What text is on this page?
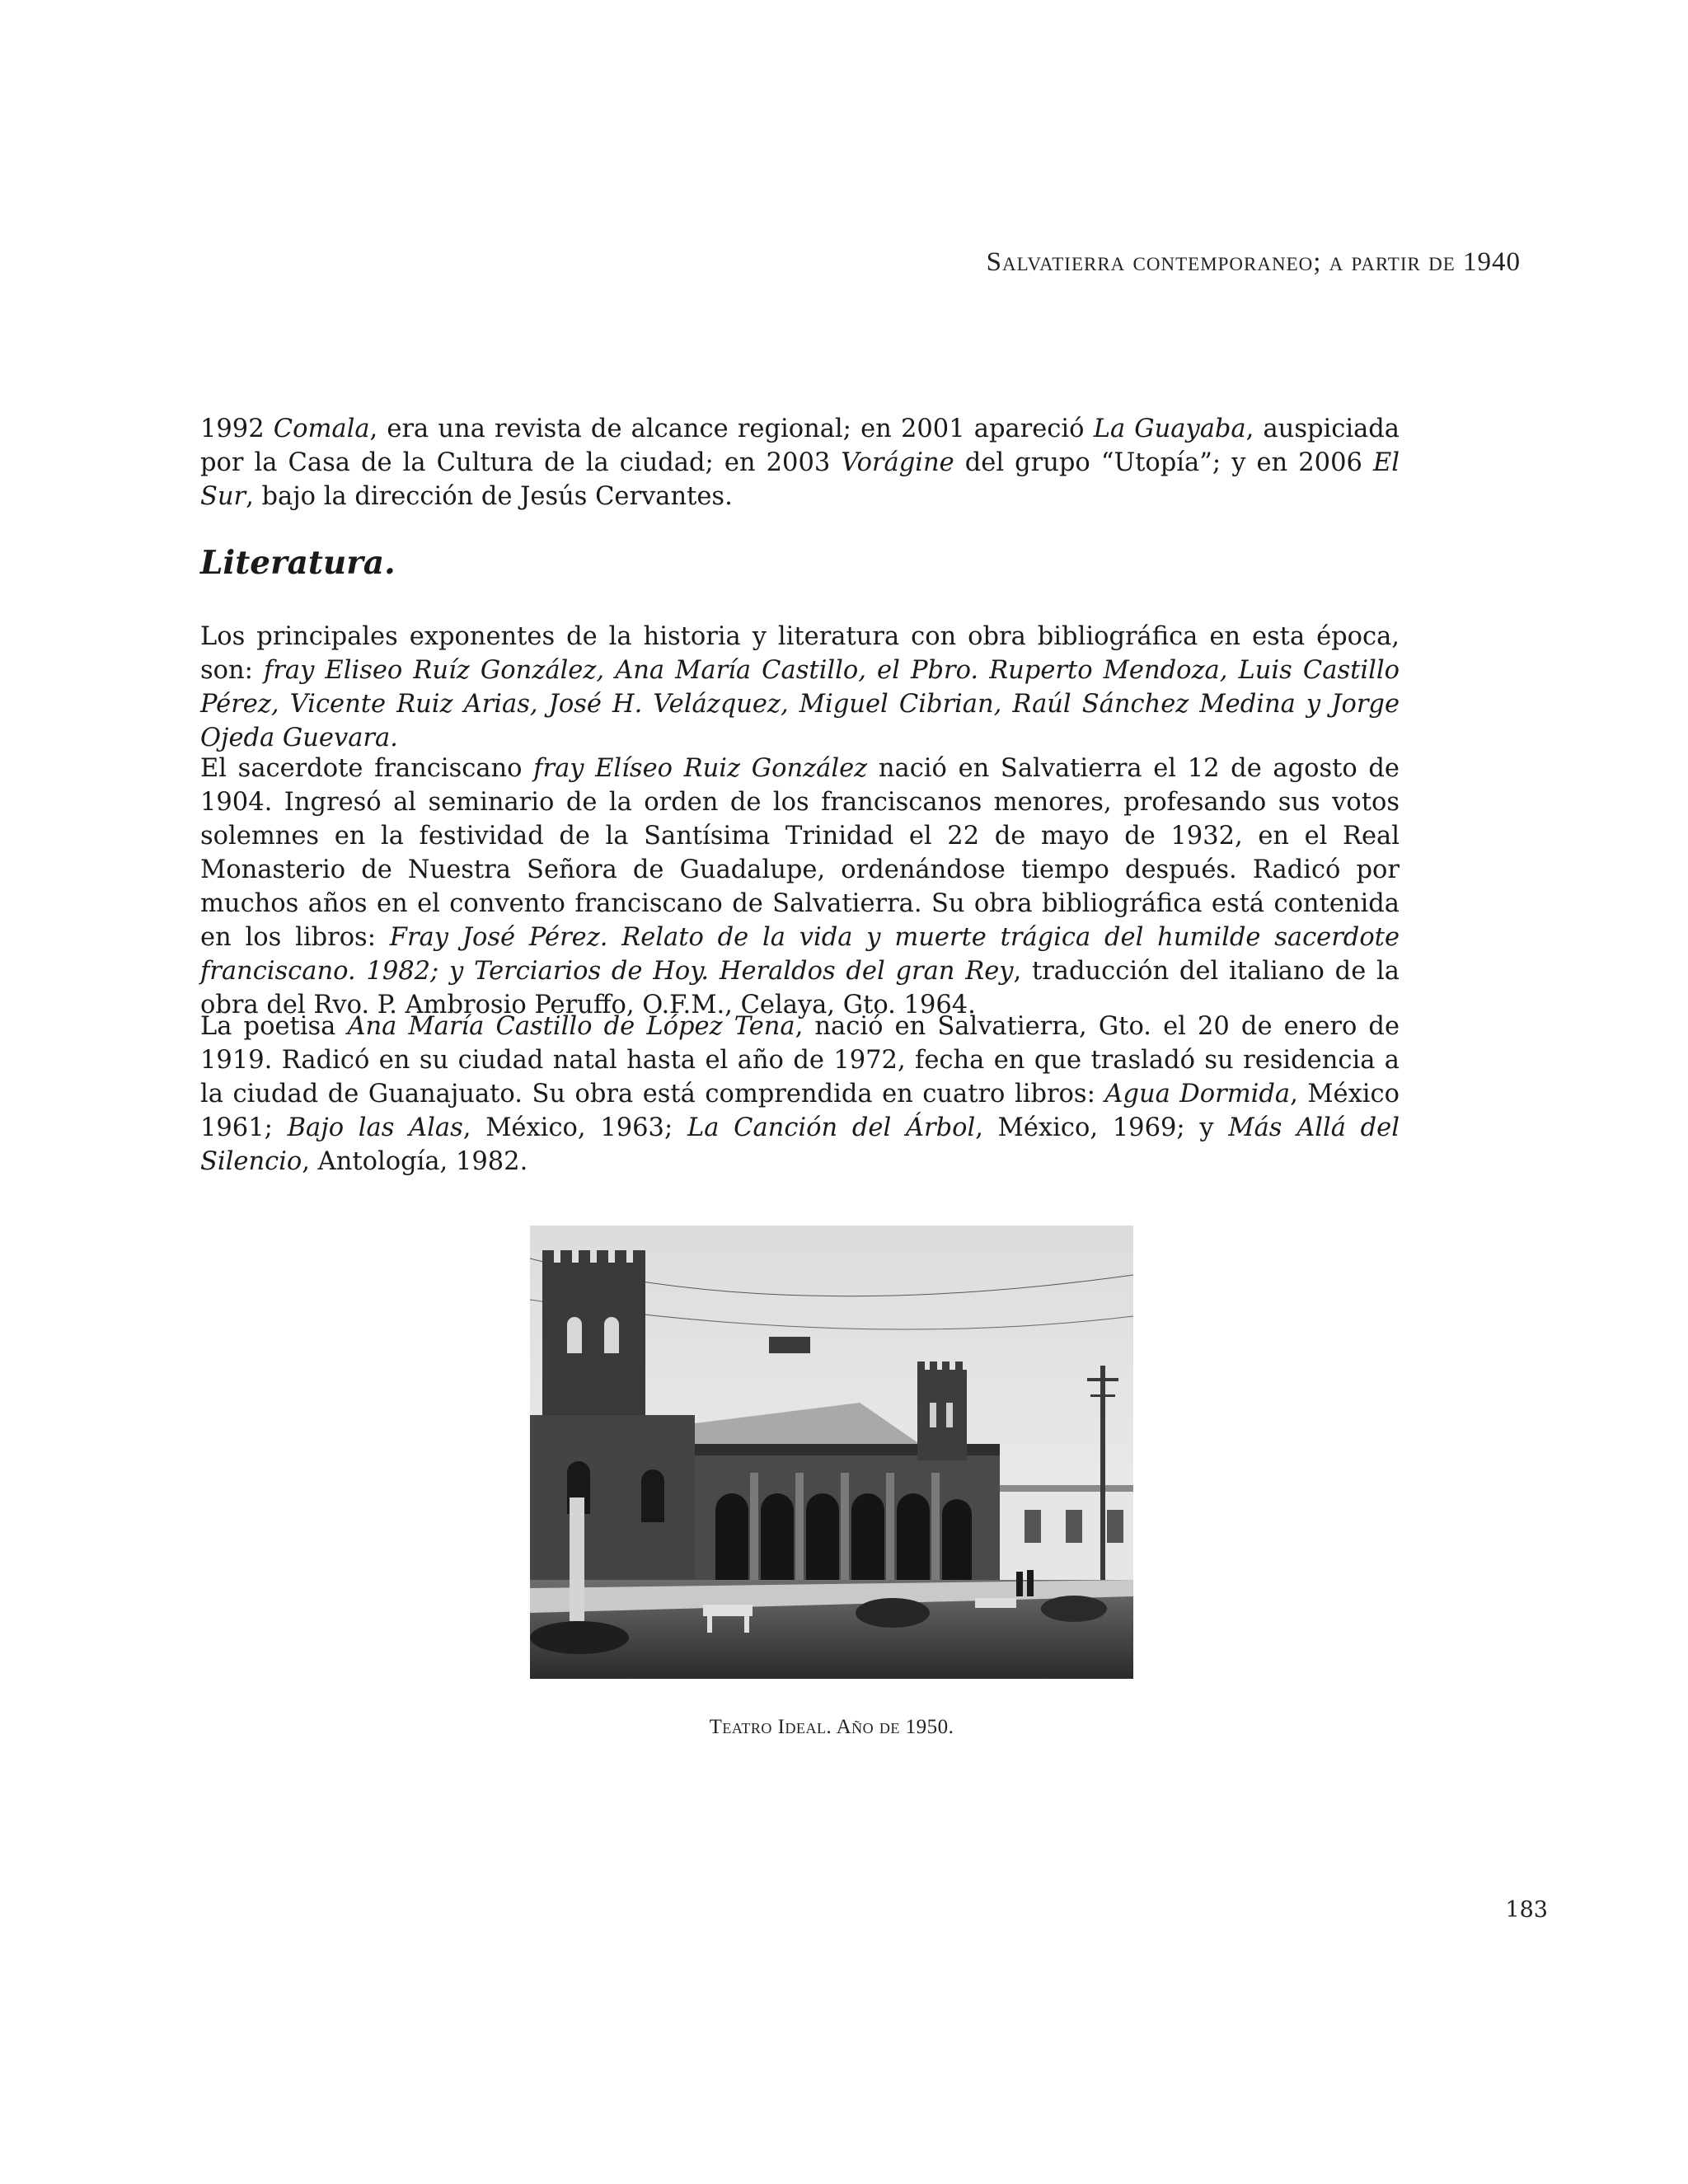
Salvatierra contemporaneo; a partir de 1940

1992 Comala, era una revista de alcance regional; en 2001 apareció La Guayaba, auspiciada por la Casa de la Cultura de la ciudad; en 2003 Vorágine del grupo “Utopía”; y en 2006 El Sur, bajo la dirección de Jesús Cervantes.

Literatura.

Los principales exponentes de la historia y literatura con obra bibliográfica en esta época, son: fray Eliseo Ruíz González, Ana María Castillo, el Pbro. Ruperto Mendoza, Luis Castillo Pérez, Vicente Ruiz Arias, José H. Velázquez, Miguel Cibrian, Raúl Sánchez Medina y Jorge Ojeda Guevara.

El sacerdote franciscano fray Elíseo Ruiz González nació en Salvatierra el 12 de agosto de 1904. Ingresó al seminario de la orden de los franciscanos menores, profesando sus votos solemnes en la festividad de la Santísima Trinidad el 22 de mayo de 1932, en el Real Monasterio de Nuestra Señora de Guadalupe, ordenándose tiempo después. Radicó por muchos años en el convento franciscano de Salvatierra. Su obra bibliográfica está contenida en los libros: Fray José Pérez. Relato de la vida y muerte trágica del humilde sacerdote franciscano. 1982; y Terciarios de Hoy. Heraldos del gran Rey, traducción del italiano de la obra del Rvo. P. Ambrosio Peruffo, O.F.M., Celaya, Gto. 1964.

La poetisa Ana María Castillo de López Tena, nació en Salvatierra, Gto. el 20 de enero de 1919. Radicó en su ciudad natal hasta el año de 1972, fecha en que trasladó su residencia a la ciudad de Guanajuato. Su obra está comprendida en cuatro libros: Agua Dormida, México 1961; Bajo las Alas, México, 1963; La Canción del Árbol, México, 1969; y Más Allá del Silencio, Antología, 1982.

Teatro Ideal. Año de 1950.
183
